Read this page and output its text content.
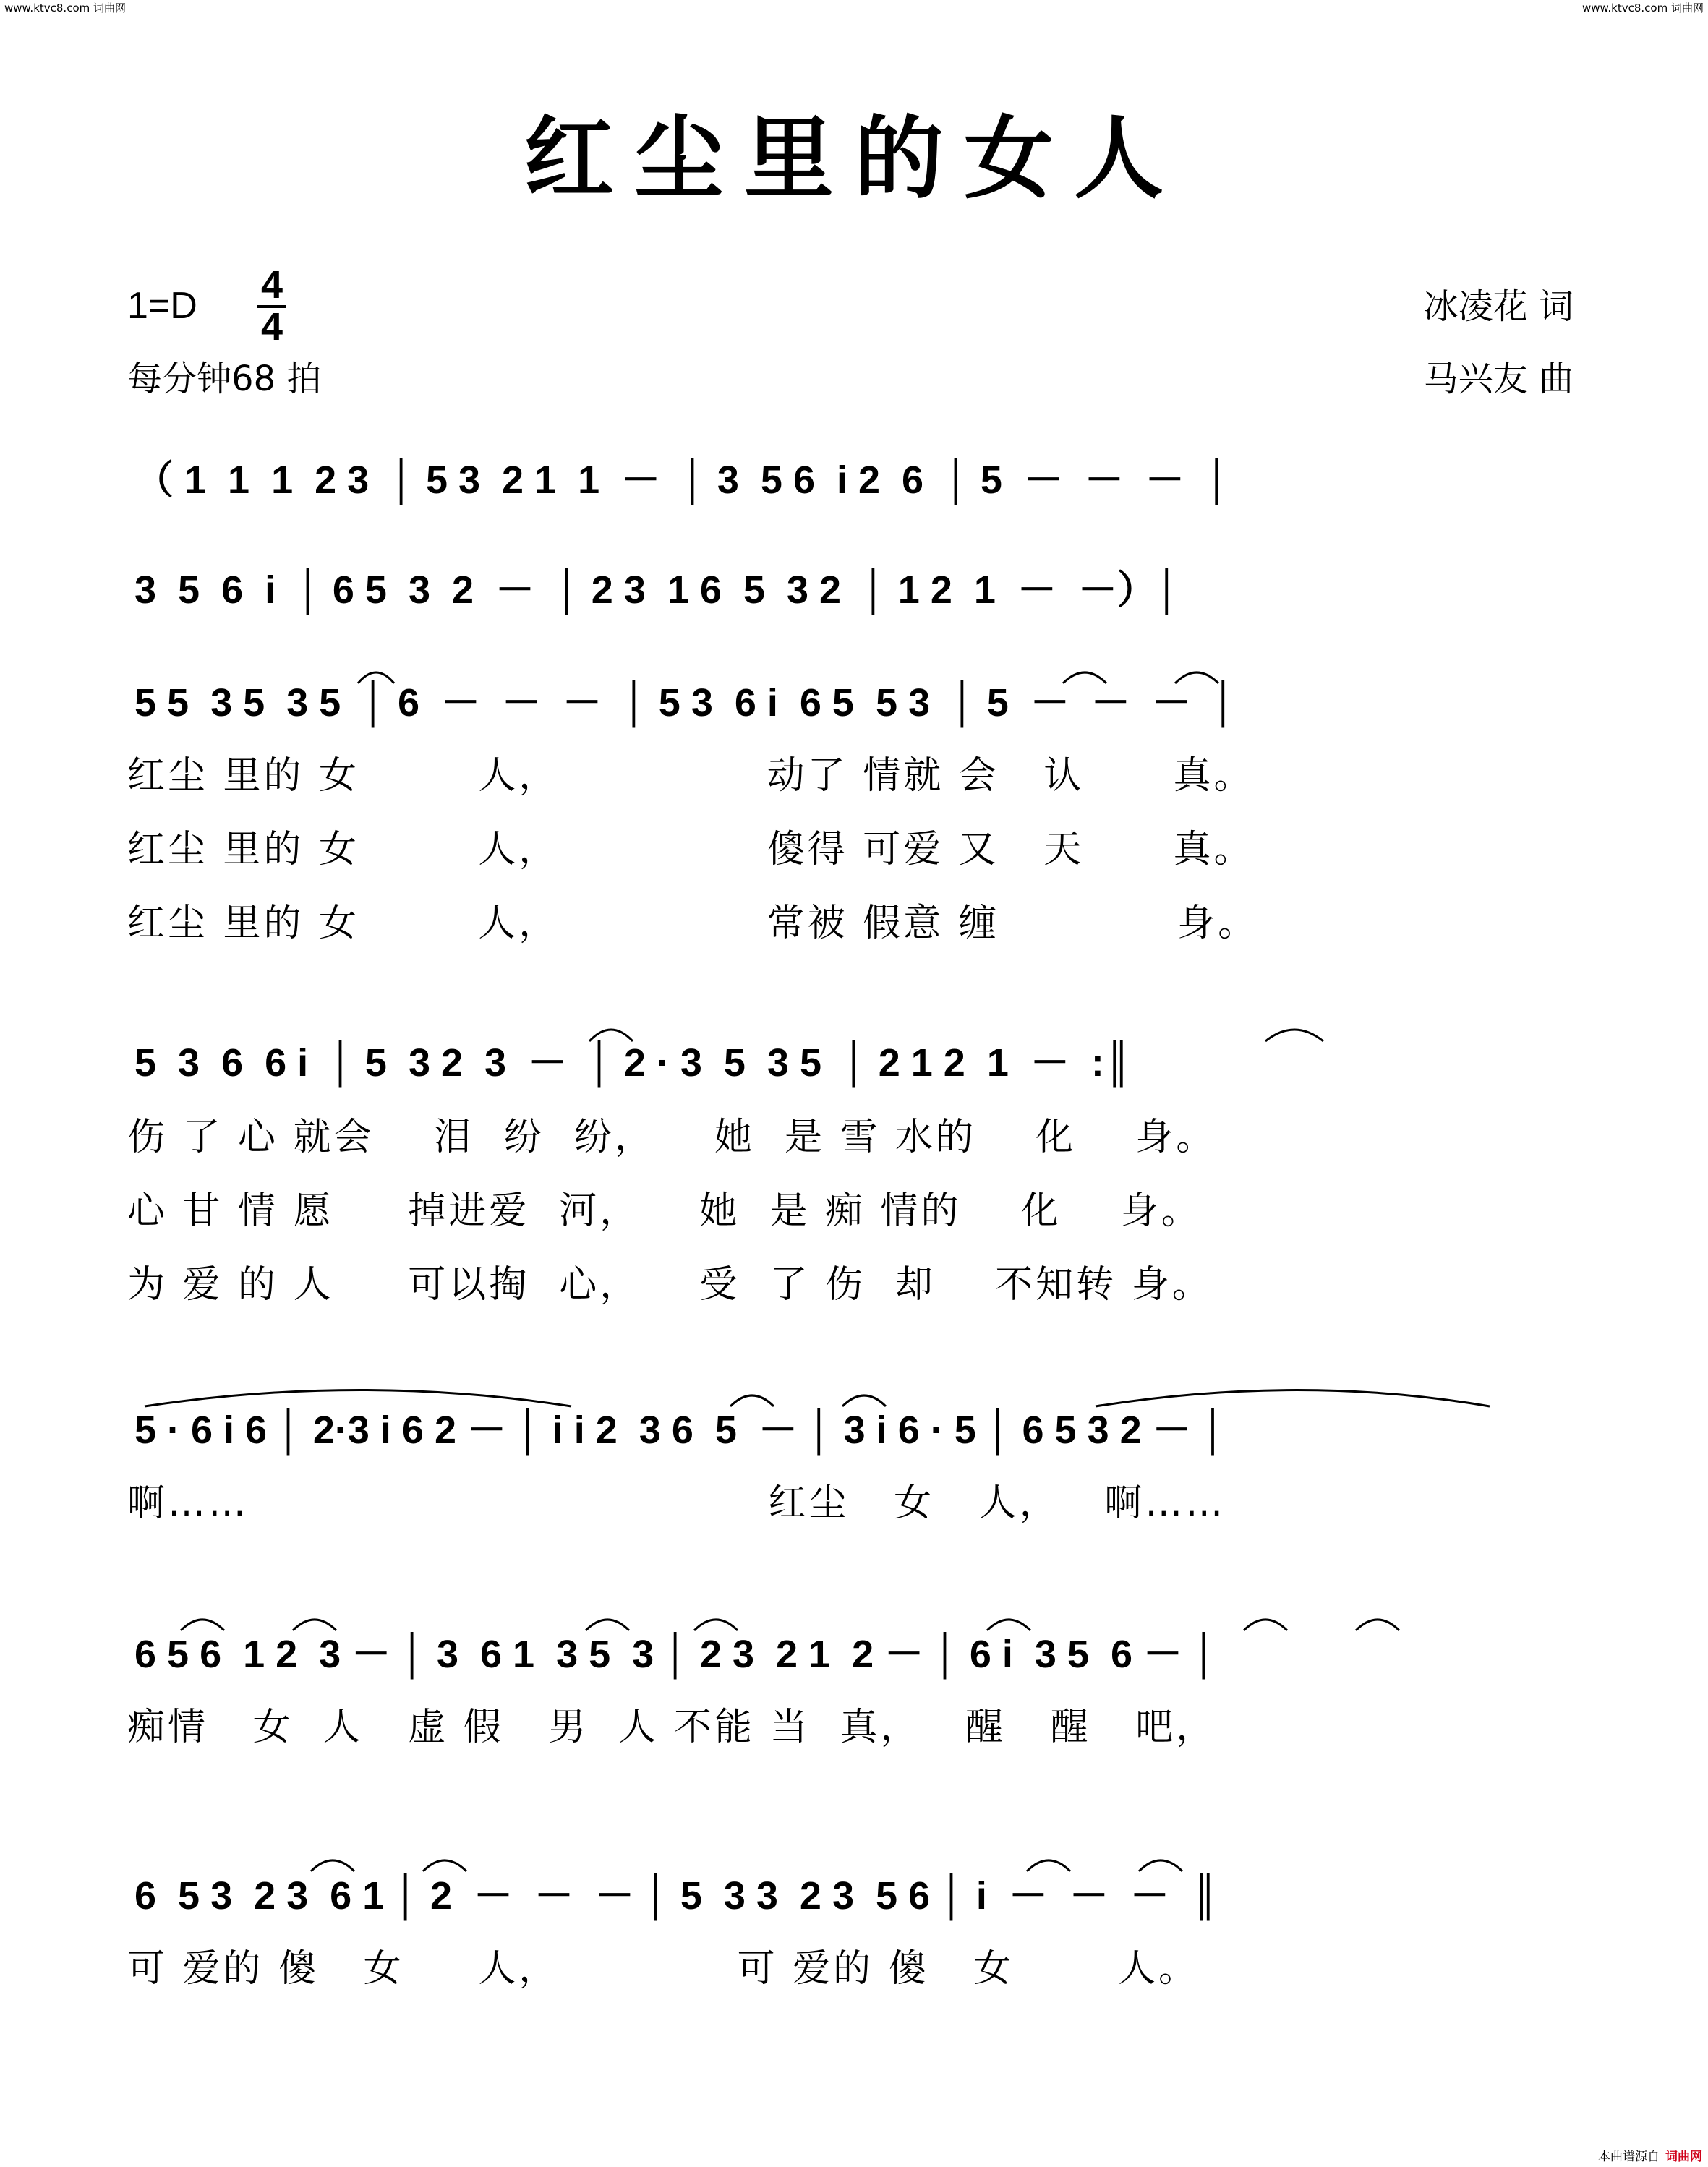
www.ktvc8.com 词曲网	www.ktvc8.com 词曲网
红尘里的女人
1=D 4
4
每分钟68 拍
冰凌花 词
马兴友 曲
（ 1  1  1  2 3  │ 5 3  2 1  1  －  │ 3  5 6  i 2  6  │ 5  －  －  －  │
3  5  6  i  │ 6 5  3  2  －  │ 2 3  1 6  5  3 2  │ 1 2  1  －  －）│
5 5  3 5  3 5  │ 6  －  －  －  │ 5 3  6 i  6 5  5 3  │ 5  －  －  －  │
红尘 里的 女        人，              动了 情就 会   认      真。
红尘 里的 女        人，              傻得 可爱 又   天      真。
红尘 里的 女        人，              常被 假意 缠            身。
5  3  6  6 i  │ 5  3 2  3  －  │ 2 · 3  5  3 5  │ 2 1 2  1  －  :║
伤 了 心 就会    泪  纷  纷，    她  是 雪 水的    化    身。
心 甘 情 愿     掉进爱  河，    她  是 痴 情的    化    身。
为 爱 的 人     可以掏  心，    受  了 伤  却    不知转 身。
5 · 6 i 6 │ 2·3 i 6 2 － │ i i 2  3 6  5  － │ 3 i 6 · 5 │ 6 5 3 2 － │
啊……                                   红尘   女   人，   啊……
6 5 6  1 2  3 － │ 3  6 1  3 5  3 │ 2 3  2 1  2 － │ 6 i  3 5  6 － │
痴情   女  人   虚 假   男  人 不能 当  真，   醒   醒   吧，
6  5 3  2 3  6 1 │ 2  －  －  － │ 5  3 3  2 3  5 6 │ i  －  －  －  ║
可 爱的 傻   女     人，            可 爱的 傻   女       人。
本曲谱源自 词曲网
